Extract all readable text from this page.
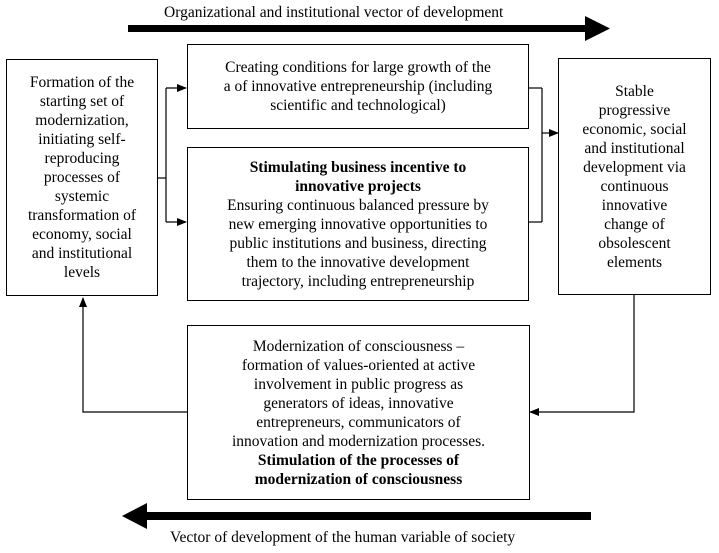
Organizational and institutional vector of development
Vector of development of the human variable of society

Formation of the

starting set of

modernization,

initiating self-

reproducing

processes of

systemic

transformation of

economy, social

and institutional

levels

Creating conditions for large growth of the

a of innovative entrepreneurship (including

scientific and technological)

Stimulating business incentive to

innovative projects

Ensuring continuous balanced pressure by

new emerging innovative opportunities to

public institutions and business, directing

them to the innovative development

trajectory, including entrepreneurship

Stable

progressive

economic, social

and institutional

development via

continuous

innovative

change of

obsolescent

elements

Modernization of consciousness –

formation of values-oriented at active

involvement in public progress as

generators of ideas, innovative

entrepreneurs, communicators of

innovation and modernization processes.

Stimulation of the processes of

modernization of consciousness
